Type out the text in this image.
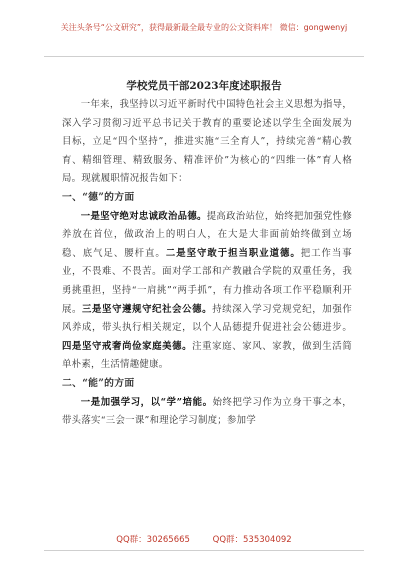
关注头条号“公文研究”，获得最新最全最专业的公文资料库！ 微信：gongwenyj
学校党员干部2023年度述职报告

一年来，我坚持以习近平新时代中国特色社会主义思想为指导，深入学习贯彻习近平总书记关于教育的重要论述以学生全面发展为目标，立足“四个坚持”，推进实施“三全育人”，持续完善“精心教育、精细管理、精致服务、精准评价”为核心的“四维一体”育人格局。现就履职情况报告如下：

一、“德”的方面

一是坚守绝对忠诚政治品德。提高政治站位，始终把加强党性修养放在首位，做政治上的明白人，在大是大非面前始终做到立场稳、底气足、腰杆直。二是坚守敢于担当职业道德。把工作当事业，不畏难、不畏苦。面对学工部和产教融合学院的双重任务，我勇挑重担，坚持“一肩挑”“两手抓”，有力推动各项工作平稳顺利开展。三是坚守遵规守纪社会公德。持续深入学习党规党纪，加强作风养成，带头执行相关规定，以个人品德提升促进社会公德进步。四是坚守戒奢尚俭家庭美德。注重家庭、家风、家教，做到生活简单朴素，生活情趣健康。

二、“能”的方面

一是加强学习，以“学”培能。始终把学习作为立身干事之本，带头落实“三会一课”和理论学习制度；参加学

QQ群：30265665	QQ群：535304092
